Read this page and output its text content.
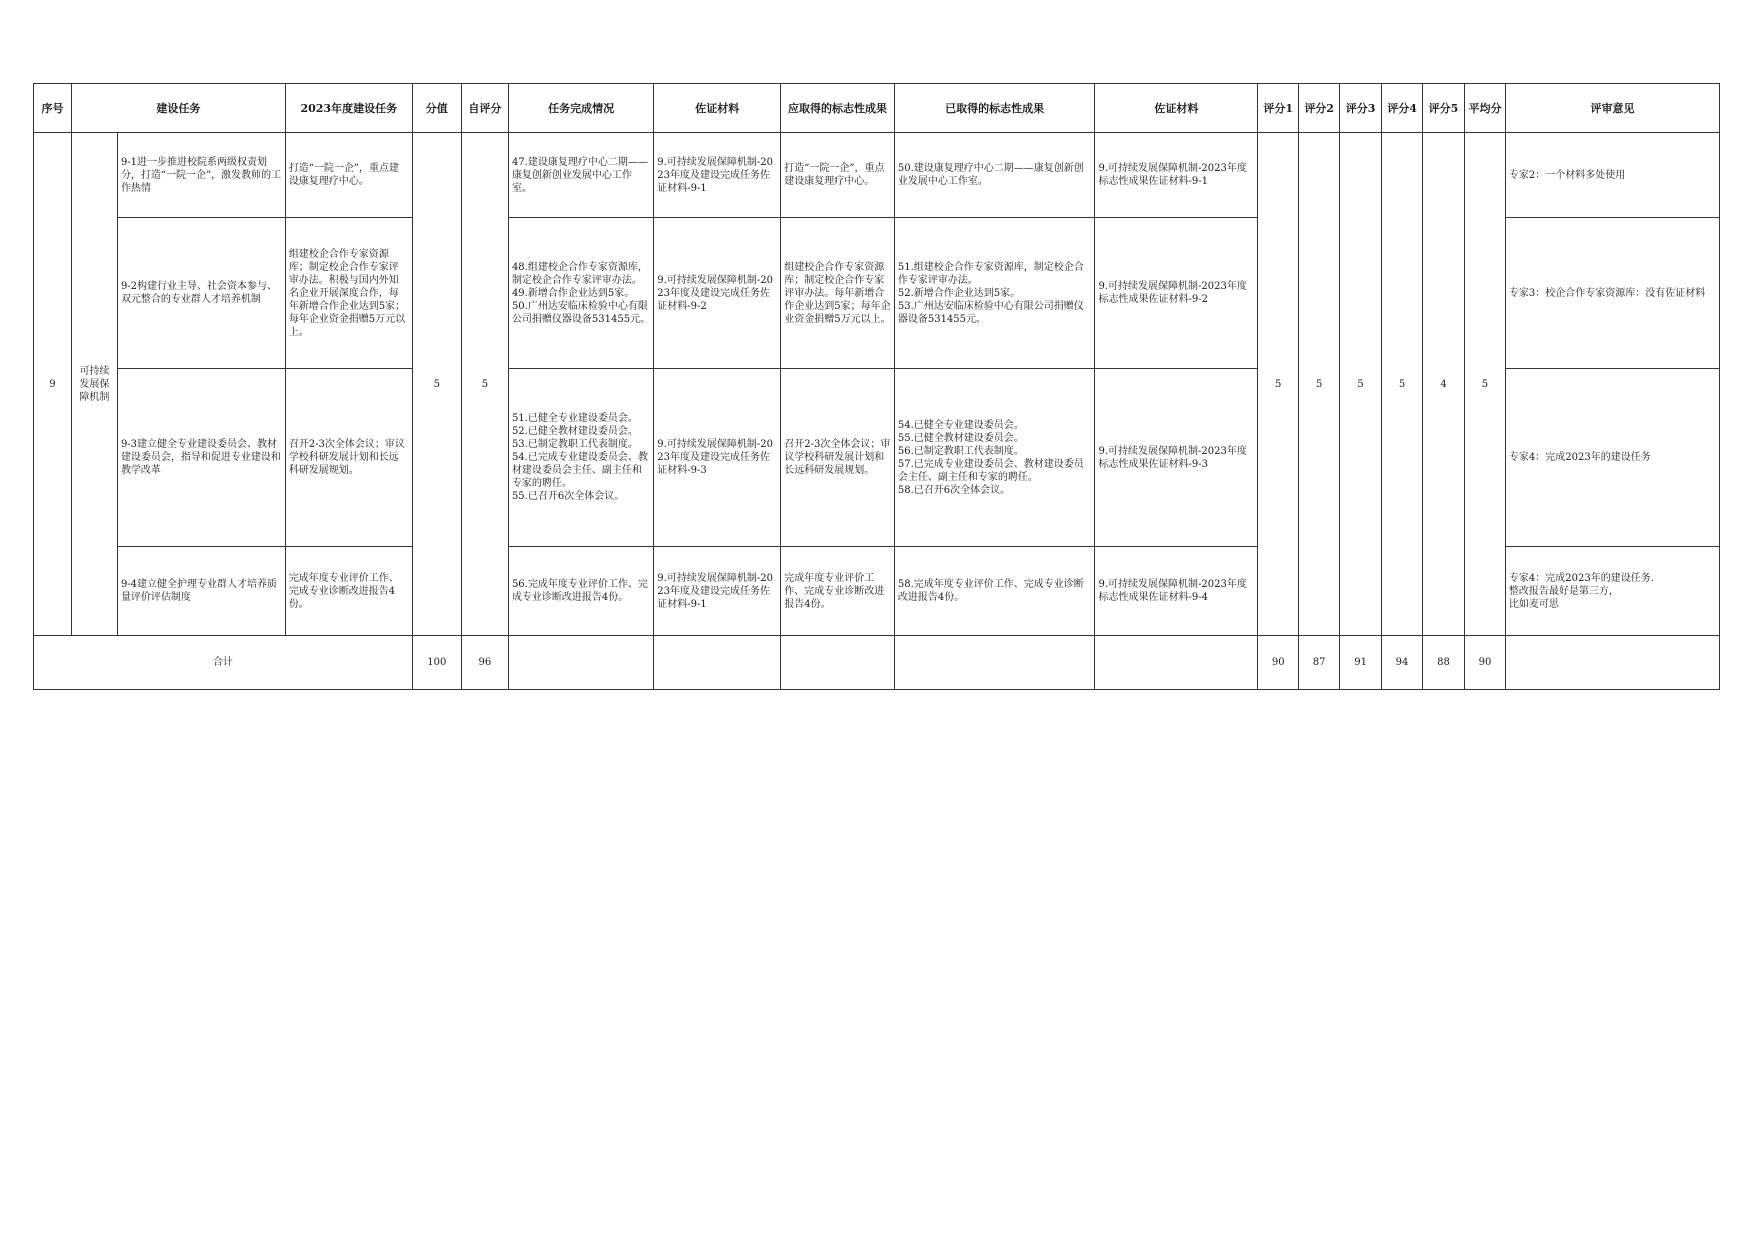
序号	建设任务		2023年度建设任务	分值	自评分	任务完成情况	佐证材料	应取得的标志性成果	已取得的标志性成果	佐证材料	评分1	评分2	评分3	评分4	评分5	平均分	评审意见
9	可持续发展保障机制	9-1进一步推进校院系两级权责划分，打造“一院一企”，激发教师的工作热情	打造“一院一企”，重点建设康复理疗中心。	5	5	47.建设康复理疗中心二期——康复创新创业发展中心工作室。	9.可持续发展保障机制-2023年度及建设完成任务佐证材料-9-1	打造“一院一企”，重点建设康复理疗中心。	50.建设康复理疗中心二期——康复创新创业发展中心工作室。	9.可持续发展保障机制-2023年度标志性成果佐证材料-9-1	5	5	5	5	4	5	专家2：一个材料多处使用
		9-2构建行业主导、社会资本参与、双元整合的专业群人才培养机制	组建校企合作专家资源库；制定校企合作专家评审办法。积极与国内外知名企业开展深度合作，每年新增合作企业达到5家；每年企业资金捐赠5万元以上。			48.组建校企合作专家资源库，制定校企合作专家评审办法。
49.新增合作企业达到5家。
50.广州达安临床检验中心有限公司捐赠仪器设备531455元。	9.可持续发展保障机制-2023年度及建设完成任务佐证材料-9-2	组建校企合作专家资源库；制定校企合作专家评审办法。每年新增合作企业达到5家；每年企业资金捐赠5万元以上。	51.组建校企合作专家资源库，制定校企合作专家评审办法。
52.新增合作企业达到5家。
53.广州达安临床检验中心有限公司捐赠仪器设备531455元。	9.可持续发展保障机制-2023年度标志性成果佐证材料-9-2							专家3：校企合作专家资源库：没有佐证材料
		9-3建立健全专业建设委员会、教材建设委员会，指导和促进专业建设和教学改革	召开2-3次全体会议；审议学校科研发展计划和长远科研发展规划。			51.已健全专业建设委员会。
52.已健全教材建设委员会。
53.已制定教职工代表制度。
54.已完成专业建设委员会、教材建设委员会主任、副主任和专家的聘任。
55.已召开6次全体会议。	9.可持续发展保障机制-2023年度及建设完成任务佐证材料-9-3	召开2-3次全体会议；审议学校科研发展计划和长远科研发展规划。	54.已健全专业建设委员会。
55.已健全教材建设委员会。
56.已制定教职工代表制度。
57.已完成专业建设委员会、教材建设委员会主任、副主任和专家的聘任。
58.已召开6次全体会议。	9.可持续发展保障机制-2023年度标志性成果佐证材料-9-3							专家4：完成2023年的建设任务
		9-4建立健全护理专业群人才培养质量评价评估制度	完成年度专业评价工作、完成专业诊断改进报告4份。			56.完成年度专业评价工作、完成专业诊断改进报告4份。	9.可持续发展保障机制-2023年度及建设完成任务佐证材料-9-1	完成年度专业评价工作、完成专业诊断改进报告4份。	58.完成年度专业评价工作、完成专业诊断改进报告4份。	9.可持续发展保障机制-2023年度标志性成果佐证材料-9-4							专家4：完成2023年的建设任务.
整改报告最好是第三方，
比如麦可思
合计				100	96						90	87	91	94	88	90	
